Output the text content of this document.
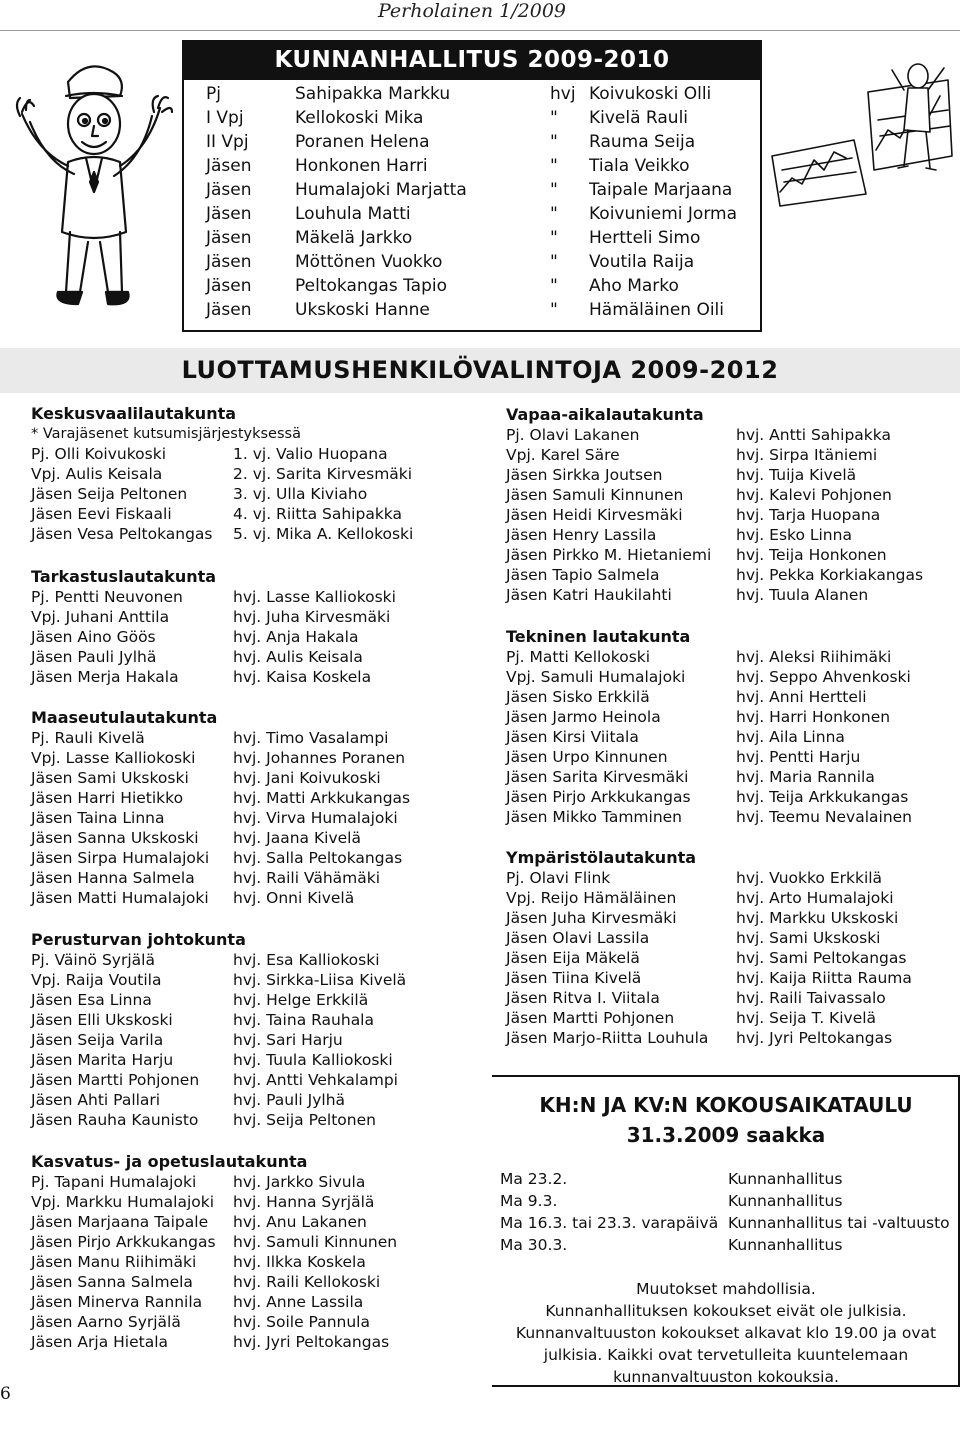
Perholainen 1/2009
KUNNANHALLITUS 2009-2010
Pj	Sahipakka Markku	hvj Koivukoski Olli
I Vpj	Kellokoski Mika	" Kivelä Rauli
II Vpj	Poranen Helena	" Rauma Seija
Jäsen	Honkonen Harri	" Tiala Veikko
Jäsen	Humalajoki Marjatta	" Taipale Marjaana
Jäsen	Louhula Matti	" Koivuniemi Jorma
Jäsen	Mäkelä Jarkko	" Hertteli Simo
Jäsen	Möttönen Vuokko	" Voutila Raija
Jäsen	Peltokangas Tapio	" Aho Marko
Jäsen	Ukskoski Hanne	" Hämäläinen Oili
LUOTTAMUSHENKILÖVALINTOJA 2009-2012
Keskusvaalilautakunta
* Varajäsenet kutsumisjärjestyksessä
Pj. Olli Koivukoski	1. vj. Valio Huopana
Vpj. Aulis Keisala	2. vj. Sarita Kirvesmäki
Jäsen Seija Peltonen	3. vj. Ulla Kiviaho
Jäsen Eevi Fiskaali	4. vj. Riitta Sahipakka
Jäsen Vesa Peltokangas 5. vj. Mika A. Kellokoski
Tarkastuslautakunta
Pj. Pentti Neuvonen	hvj. Lasse Kalliokoski
Vpj. Juhani Anttila	hvj. Juha Kirvesmäki
Jäsen Aino Göös	hvj. Anja Hakala
Jäsen Pauli Jylhä	hvj. Aulis Keisala
Jäsen Merja Hakala	hvj. Kaisa Koskela
Maaseutulautakunta
Pj. Rauli Kivelä	hvj. Timo Vasalampi
Vpj. Lasse Kalliokoski hvj. Johannes Poranen
Jäsen Sami Ukskoski	hvj. Jani Koivukoski
Jäsen Harri Hietikko	hvj. Matti Arkkukangas
Jäsen Taina Linna	hvj. Virva Humalajoki
Jäsen Sanna Ukskoski hvj. Jaana Kivelä
Jäsen Sirpa Humalajoki hvj. Salla Peltokangas
Jäsen Hanna Salmela hvj. Raili Vähämäki
Jäsen Matti Humalajoki hvj. Onni Kivelä
Perusturvan johtokunta
Pj. Väinö Syrjälä	hvj. Esa Kalliokoski
Vpj. Raija Voutila	hvj. Sirkka-Liisa Kivelä
Jäsen Esa Linna	hvj. Helge Erkkilä
Jäsen Elli Ukskoski	hvj. Taina Rauhala
Jäsen Seija Varila	hvj. Sari Harju
Jäsen Marita Harju	hvj. Tuula Kalliokoski
Jäsen Martti Pohjonen hvj. Antti Vehkalampi
Jäsen Ahti Pallari	hvj. Pauli Jylhä
Jäsen Rauha Kaunisto hvj. Seija Peltonen
Kasvatus- ja opetuslautakunta
Pj. Tapani Humalajoki hvj. Jarkko Sivula
Vpj. Markku Humalajoki hvj. Hanna Syrjälä
Jäsen Marjaana Taipale hvj. Anu Lakanen
Jäsen Pirjo Arkkukangas hvj. Samuli Kinnunen
Jäsen Manu Riihimäki hvj. Ilkka Koskela
Jäsen Sanna Salmela	hvj. Raili Kellokoski
Jäsen Minerva Rannila hvj. Anne Lassila
Jäsen Aarno Syrjälä	hvj. Soile Pannula
Jäsen Arja Hietala	hvj. Jyri Peltokangas
Vapaa-aikalautakunta
Pj. Olavi Lakanen	hvj. Antti Sahipakka
Vpj. Karel Säre	hvj. Sirpa Itäniemi
Jäsen Sirkka Joutsen	hvj. Tuija Kivelä
Jäsen Samuli Kinnunen	hvj. Kalevi Pohjonen
Jäsen Heidi Kirvesmäki	hvj. Tarja Huopana
Jäsen Henry Lassila	hvj. Esko Linna
Jäsen Pirkko M. Hietaniemi hvj. Teija Honkonen
Jäsen Tapio Salmela	hvj. Pekka Korkiakangas
Jäsen Katri Haukilahti	hvj. Tuula Alanen
Tekninen lautakunta
Pj. Matti Kellokoski	hvj. Aleksi Riihimäki
Vpj. Samuli Humalajoki	hvj. Seppo Ahvenkoski
Jäsen Sisko Erkkilä	hvj. Anni Hertteli
Jäsen Jarmo Heinola	hvj. Harri Honkonen
Jäsen Kirsi Viitala	hvj. Aila Linna
Jäsen Urpo Kinnunen	hvj. Pentti Harju
Jäsen Sarita Kirvesmäki	hvj. Maria Rannila
Jäsen Pirjo Arkkukangas	hvj. Teija Arkkukangas
Jäsen Mikko Tamminen	hvj. Teemu Nevalainen
Ympäristölautakunta
Pj. Olavi Flink	hvj. Vuokko Erkkilä
Vpj. Reijo Hämäläinen	hvj. Arto Humalajoki
Jäsen Juha Kirvesmäki	hvj. Markku Ukskoski
Jäsen Olavi Lassila	hvj. Sami Ukskoski
Jäsen Eija Mäkelä	hvj. Sami Peltokangas
Jäsen Tiina Kivelä	hvj. Kaija Riitta Rauma
Jäsen Ritva I. Viitala	hvj. Raili Taivassalo
Jäsen Martti Pohjonen	hvj. Seija T. Kivelä
Jäsen Marjo-Riitta Louhula hvj. Jyri Peltokangas
KH:N JA KV:N KOKOUSAIKATAULU
31.3.2009 saakka
Ma 23.2.	Kunnanhallitus
Ma 9.3.	Kunnanhallitus
Ma 16.3. tai 23.3. varapäivä Kunnanhallitus tai -valtuusto
Ma 30.3.	Kunnanhallitus
Muutokset mahdollisia.
Kunnanhallituksen kokoukset eivät ole julkisia.
Kunnanvaltuuston kokoukset alkavat klo 19.00 ja ovat
julkisia. Kaikki ovat tervetulleita kuuntelemaan
kunnanvaltuuston kokouksia.
6
